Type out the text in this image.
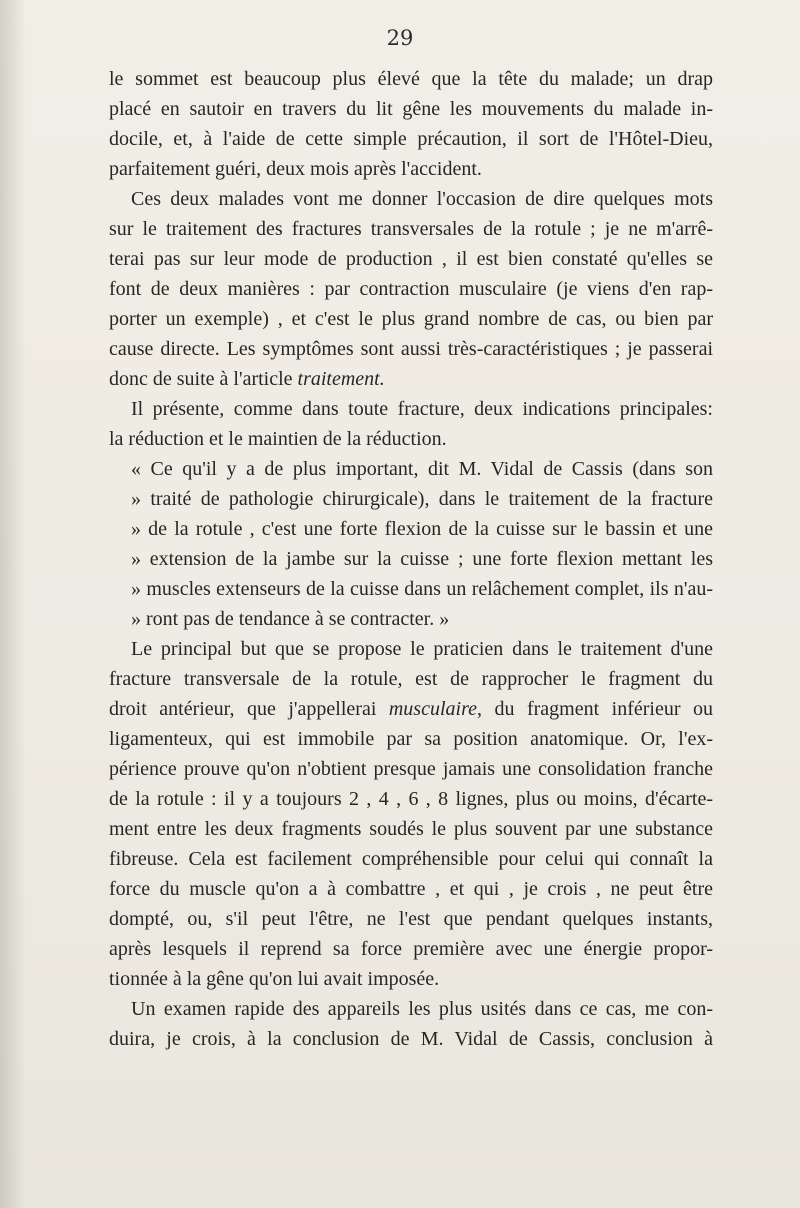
29
le sommet est beaucoup plus élevé que la tête du malade; un drap
placé en sautoir en travers du lit gêne les mouvements du malade in-
docile, et, à l'aide de cette simple précaution, il sort de l'Hôtel-Dieu,
parfaitement guéri, deux mois après l'accident.
Ces deux malades vont me donner l'occasion de dire quelques mots
sur le traitement des fractures transversales de la rotule ; je ne m'arrê-
terai pas sur leur mode de production , il est bien constaté qu'elles se
font de deux manières : par contraction musculaire (je viens d'en rap-
porter un exemple) , et c'est le plus grand nombre de cas, ou bien par
cause directe. Les symptômes sont aussi très-caractéristiques ; je passerai
donc de suite à l'article traitement.
Il présente, comme dans toute fracture, deux indications principales:
la réduction et le maintien de la réduction.
« Ce qu'il y a de plus important, dit M. Vidal de Cassis (dans son
» traité de pathologie chirurgicale), dans le traitement de la fracture
» de la rotule , c'est une forte flexion de la cuisse sur le bassin et une
» extension de la jambe sur la cuisse ; une forte flexion mettant les
» muscles extenseurs de la cuisse dans un relâchement complet, ils n'au-
» ront pas de tendance à se contracter. »
Le principal but que se propose le praticien dans le traitement d'une
fracture transversale de la rotule, est de rapprocher le fragment du
droit antérieur, que j'appellerai musculaire, du fragment inférieur ou
ligamenteux, qui est immobile par sa position anatomique. Or, l'ex-
périence prouve qu'on n'obtient presque jamais une consolidation franche
de la rotule : il y a toujours 2 , 4 , 6 , 8 lignes, plus ou moins, d'écarte-
ment entre les deux fragments soudés le plus souvent par une substance
fibreuse. Cela est facilement compréhensible pour celui qui connaît la
force du muscle qu'on a à combattre , et qui , je crois , ne peut être
dompté, ou, s'il peut l'être, ne l'est que pendant quelques instants,
après lesquels il reprend sa force première avec une énergie propor-
tionnée à la gêne qu'on lui avait imposée.
Un examen rapide des appareils les plus usités dans ce cas, me con-
duira, je crois, à la conclusion de M. Vidal de Cassis, conclusion à
